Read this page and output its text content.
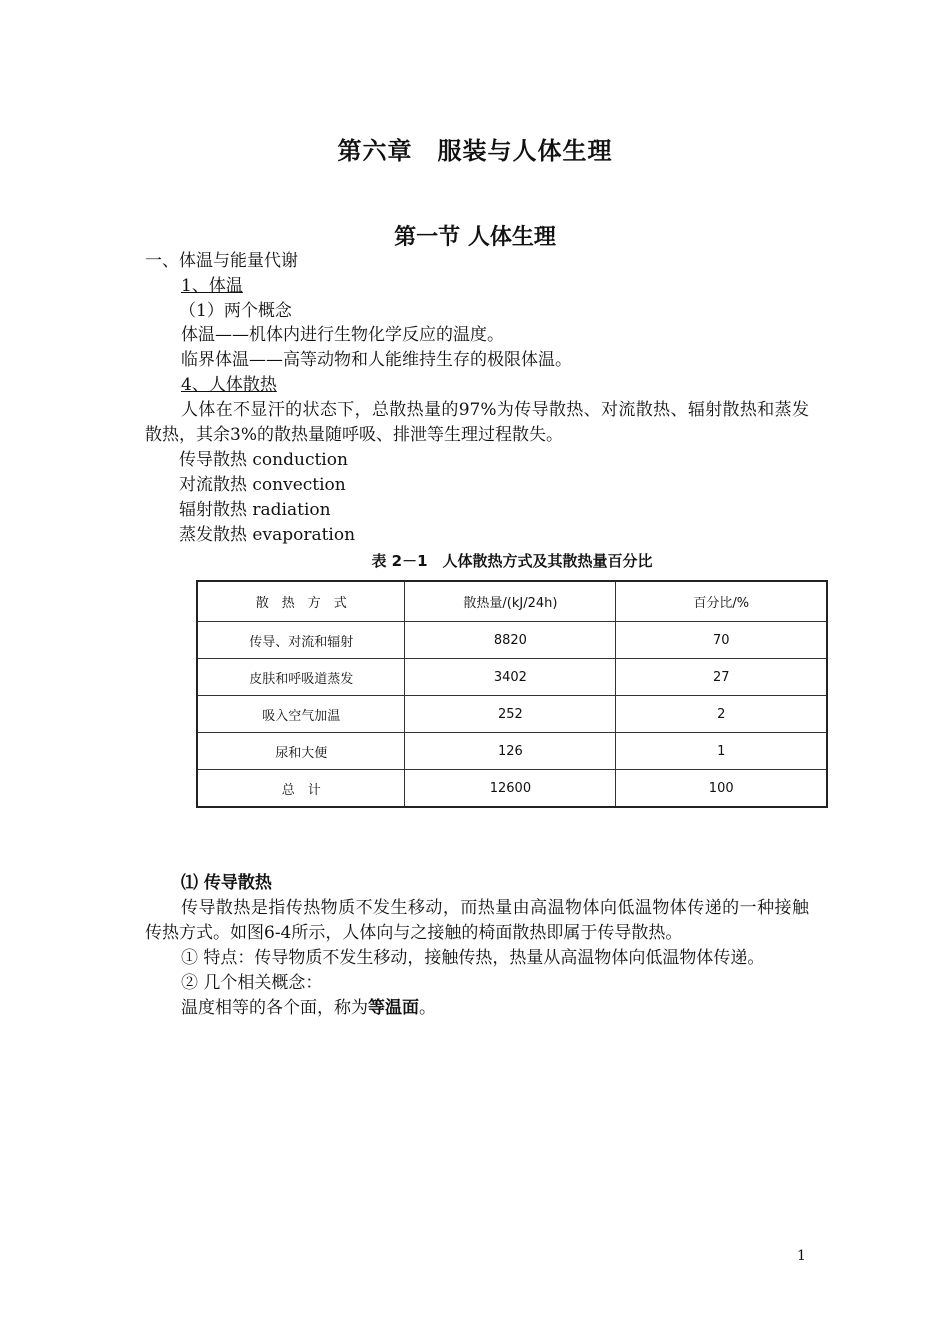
第六章　服装与人体生理
第一节 人体生理
一、体温与能量代谢
1、体温
（1）两个概念
体温——机体内进行生物化学反应的温度。
临界体温——高等动物和人能维持生存的极限体温。
4、人体散热
人体在不显汗的状态下，总散热量的97%为传导散热、对流散热、辐射散热和蒸发散热，其余3%的散热量随呼吸、排泄等生理过程散失。
传导散热 conduction
对流散热 convection
辐射散热 radiation
蒸发散热 evaporation
表 2－1　人体散热方式及其散热量百分比
散　热　方　式	散热量/(kJ/24h)	百分比/%
传导、对流和辐射	8820	70
皮肤和呼吸道蒸发	3402	27
吸入空气加温	252	2
尿和大便	126	1
总　计	12600	100
⑴ 传导散热
传导散热是指传热物质不发生移动，而热量由高温物体向低温物体传递的一种接触传热方式。如图6-4所示，人体向与之接触的椅面散热即属于传导散热。
① 特点：传导物质不发生移动，接触传热，热量从高温物体向低温物体传递。
② 几个相关概念：
温度相等的各个面，称为等温面。
1
